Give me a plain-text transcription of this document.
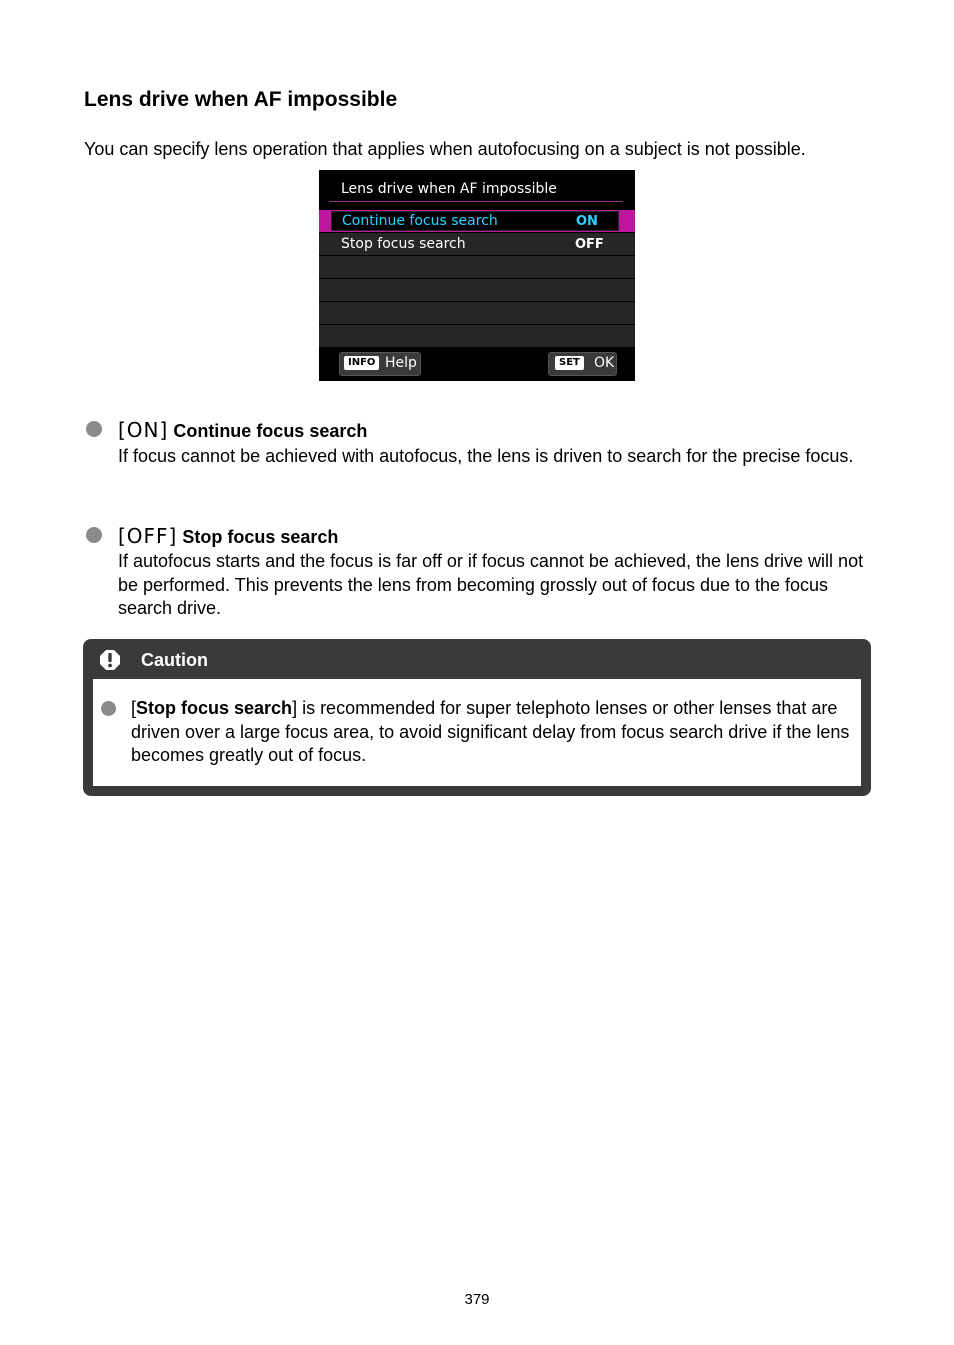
Lens drive when AF impossible
You can specify lens operation that applies when autofocusing on a subject is not possible.
Lens drive when AF impossible
Continue focus search	ON
Stop focus search	OFF
INFO Help	SET OK
[ON] Continue focus search
If focus cannot be achieved with autofocus, the lens is driven to search for the precise focus.
[OFF] Stop focus search
If autofocus starts and the focus is far off or if focus cannot be achieved, the lens drive will not be performed. This prevents the lens from becoming grossly out of focus due to the focus search drive.
Caution
[Stop focus search] is recommended for super telephoto lenses or other lenses that are driven over a large focus area, to avoid significant delay from focus search drive if the lens becomes greatly out of focus.
379
